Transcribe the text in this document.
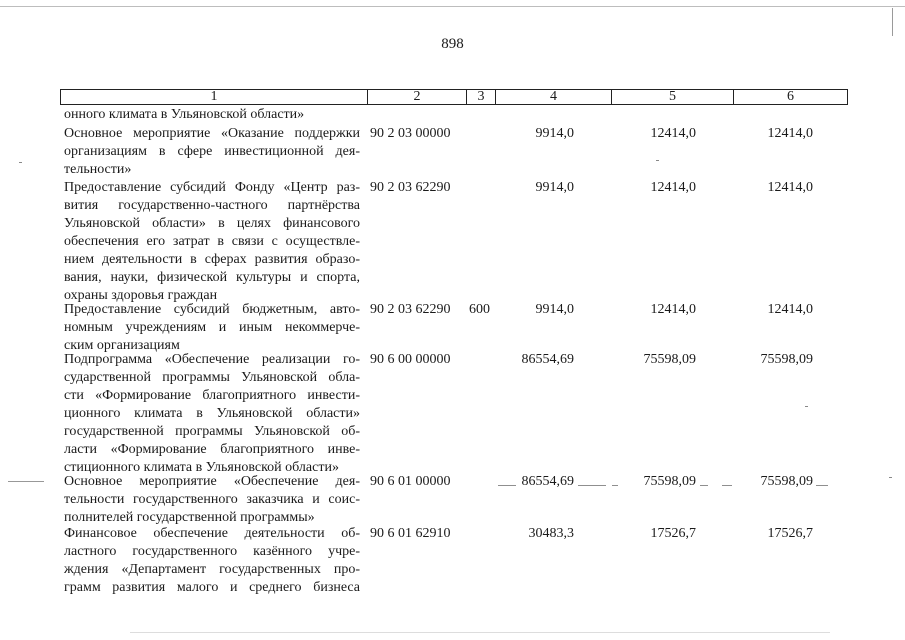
898
1	2	3	4	5	6
онного климата в Ульяновской области»
Основное мероприятие «Оказание поддержки
организациям в сфере инвестиционной дея-
тельности»
90 2 03 00000	9914,0	12414,0	12414,0
Предоставление субсидий Фонду «Центр раз-
вития государственно-частного партнёрства
Ульяновской области» в целях финансового
обеспечения его затрат в связи с осуществле-
нием деятельности в сферах развития образо-
вания, науки, физической культуры и спорта,
охраны здоровья граждан
90 2 03 62290	9914,0	12414,0	12414,0
Предоставление субсидий бюджетным, авто-
номным учреждениям и иным некоммерче-
ским организациям
90 2 03 62290 600	9914,0	12414,0	12414,0
Подпрограмма «Обеспечение реализации го-
сударственной программы Ульяновской обла-
сти «Формирование благоприятного инвести-
ционного климата в Ульяновской области»
государственной программы Ульяновской об-
ласти «Формирование благоприятного инве-
стиционного климата в Ульяновской области»
90 6 00 00000	86554,69	75598,09	75598,09
Основное мероприятие «Обеспечение дея-
тельности государственного заказчика и соис-
полнителей государственной программы»
90 6 01 00000	86554,69	75598,09	75598,09
Финансовое обеспечение деятельности об-
ластного государственного казённого учре-
ждения «Департамент государственных про-
грамм развития малого и среднего бизнеса
90 6 01 62910	30483,3	17526,7	17526,7
